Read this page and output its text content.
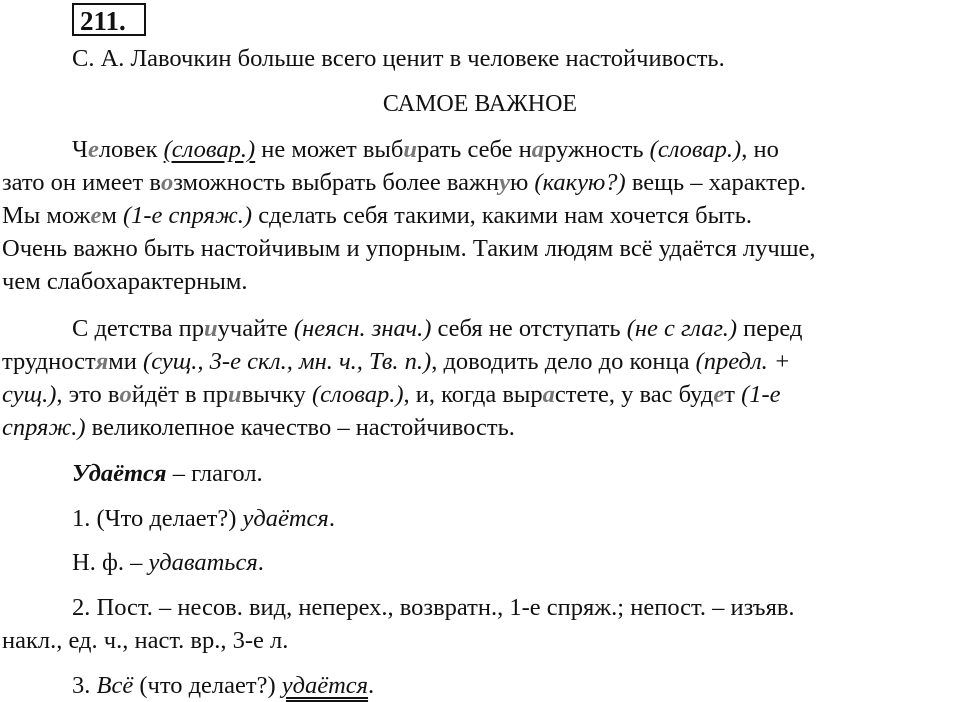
211.
С. А. Лавочкин больше всего ценит в человеке настойчивость.
САМОЕ ВАЖНОЕ
Человек (словар.) не может выбирать себе наружность (словар.), но
зато он имеет возможность выбрать более важную (какую?) вещь – характер.
Мы можем (1-е спряж.) сделать себя такими, какими нам хочется быть.
Очень важно быть настойчивым и упорным. Таким людям всё удаётся лучше,
чем слабохарактерным.
С детства приучайте (неясн. знач.) себя не отступать (не с глаг.) перед
трудностями (сущ., 3-е скл., мн. ч., Тв. п.), доводить дело до конца (предл. +
сущ.), это войдёт в привычку (словар.), и, когда вырастете, у вас будет (1-е
спряж.) великолепное качество – настойчивость.
Удаётся – глагол.
1. (Что делает?) удаётся.
Н. ф. – удаваться.
2. Пост. – несов. вид, неперех., возвратн., 1-е спряж.; непост. – изъяв.
накл., ед. ч., наст. вр., 3-е л.
3. Всё (что делает?) удаётся.
